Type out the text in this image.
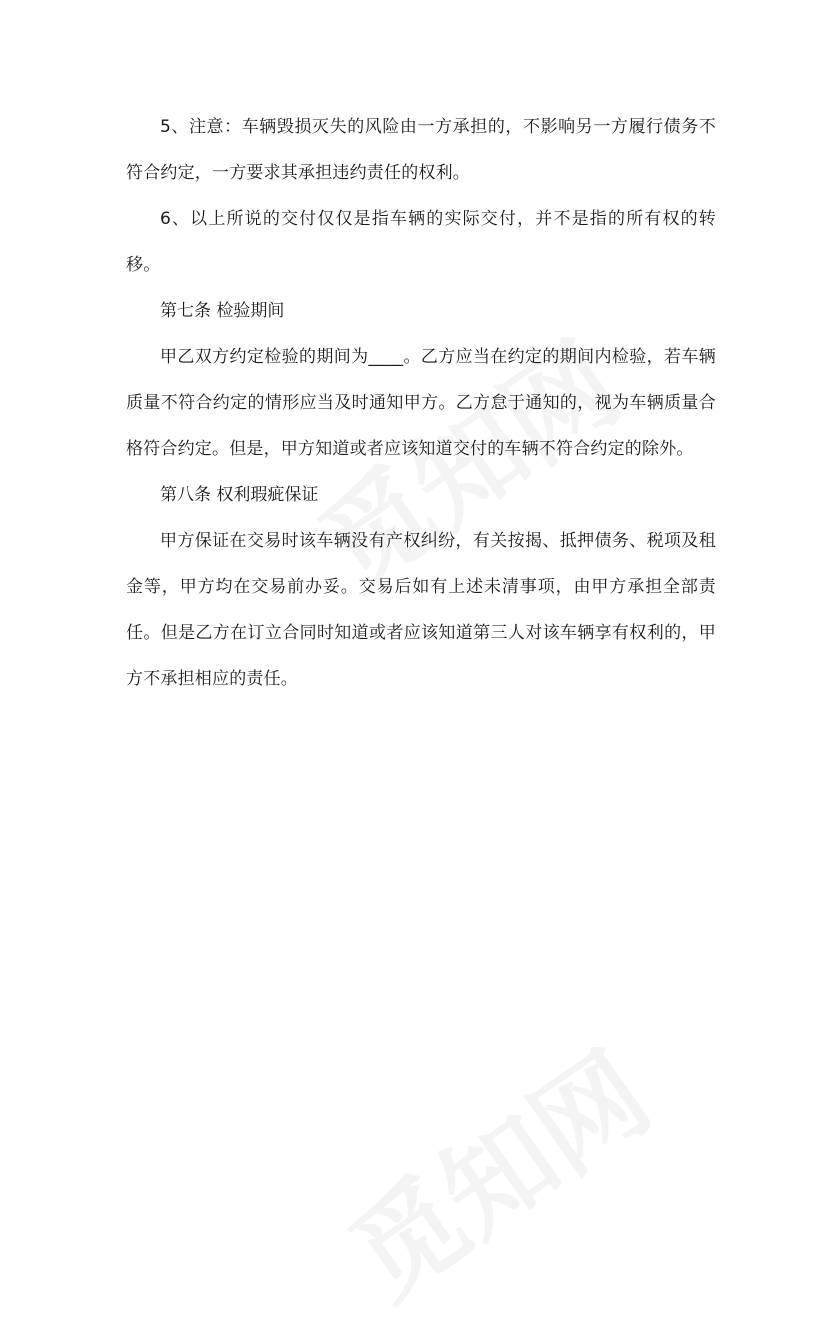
5、注意：车辆毁损灭失的风险由一方承担的，不影响另一方履行债务不符合约定，一方要求其承担违约责任的权利。

6、以上所说的交付仅仅是指车辆的实际交付，并不是指的所有权的转移。

第七条 检验期间

甲乙双方约定检验的期间为____。乙方应当在约定的期间内检验，若车辆质量不符合约定的情形应当及时通知甲方。乙方怠于通知的，视为车辆质量合格符合约定。但是，甲方知道或者应该知道交付的车辆不符合约定的除外。

第八条 权利瑕疵保证

甲方保证在交易时该车辆没有产权纠纷，有关按揭、抵押债务、税项及租金等，甲方均在交易前办妥。交易后如有上述未清事项，由甲方承担全部责任。但是乙方在订立合同时知道或者应该知道第三人对该车辆享有权利的，甲方不承担相应的责任。
